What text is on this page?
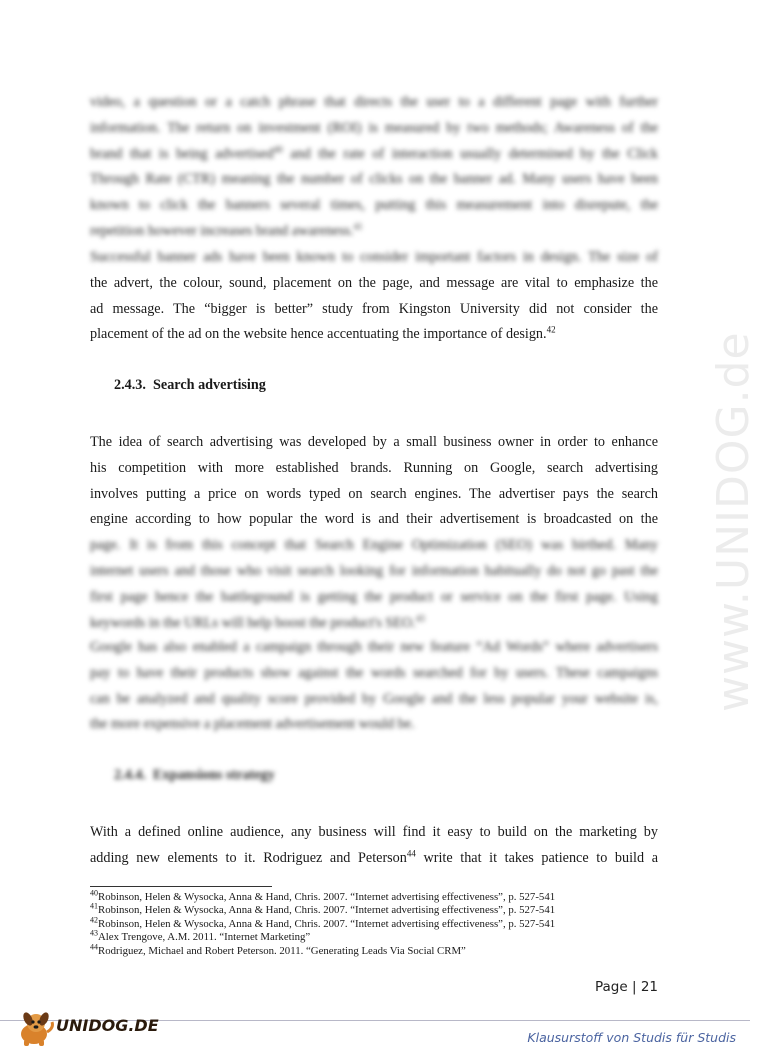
video, a question or a catch phrase that directs the user to a different page with further
information. The return on investment (ROI) is measured by two methods; Awareness of the
brand that is being advertised$^{40}$ and the rate of interaction usually determined by the Click
Through Rate (CTR) meaning the number of clicks on the banner ad. Many users have been
known to click the banners several times, putting this measurement into disrepute, the
repetition however increases brand awareness.$^{41}$
Successful banner ads have been known to consider important factors in design. The size of
the advert, the colour, sound, placement on the page, and message are vital to emphasize the
ad message. The “bigger is better” study from Kingston University did not consider the
placement of the ad on the website hence accentuating the importance of design.$^{42}$
2.4.3. Search advertising
The idea of search advertising was developed by a small business owner in order to enhance
his competition with more established brands. Running on Google, search advertising
involves putting a price on words typed on search engines. The advertiser pays the search
engine according to how popular the word is and their advertisement is broadcasted on the
page. It is from this concept that Search Engine Optimization (SEO) was birthed. Many
internet users and those who visit search looking for information habitually do not go past the
first page hence the battleground is getting the product or service on the first page. Using
keywords in the URLs will help boost the product's SEO.$^{43}$
Google has also enabled a campaign through their new feature “Ad Words” where advertisers
pay to have their products show against the words searched for by users. These campaigns
can be analyzed and quality score provided by Google and the less popular your website is,
the more expensive a placement advertisement would be.
2.4.4. Expansions strategy
With a defined online audience, any business will find it easy to build on the marketing by
adding new elements to it. Rodriguez and Peterson$^{44}$ write that it takes patience to build a
$^{40}$Robinson, Helen & Wysocka, Anna & Hand, Chris. 2007. “Internet advertising effectiveness”, p. 527-541
$^{41}$Robinson, Helen & Wysocka, Anna & Hand, Chris. 2007. “Internet advertising effectiveness”, p. 527-541
$^{42}$Robinson, Helen & Wysocka, Anna & Hand, Chris. 2007. “Internet advertising effectiveness”, p. 527-541
$^{43}$Alex Trengove, A.M. 2011. “Internet Marketing”
$^{44}$Rodriguez, Michael and Robert Peterson. 2011. “Generating Leads Via Social CRM”
Page | 21
www.UNIDOG.de
UNIDOG.DE
Klausurstoff von Studis für Studis
